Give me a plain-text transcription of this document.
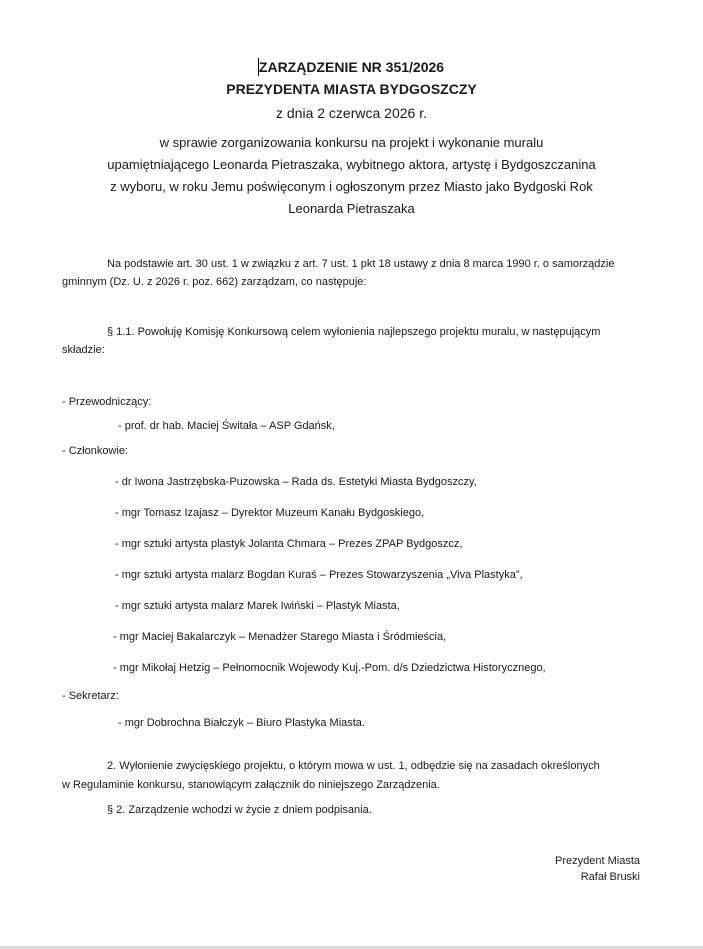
ZARZĄDZENIE NR 351/2026
PREZYDENTA MIASTA BYDGOSZCZY
z dnia 2 czerwca 2026 r.
w sprawie zorganizowania konkursu na projekt i wykonanie muralu
upamiętniającego Leonarda Pietraszaka, wybitnego aktora, artystę i Bydgoszczanina
z wyboru, w roku Jemu poświęconym i ogłoszonym przez Miasto jako Bydgoski Rok
Leonarda Pietraszaka
Na podstawie art. 30 ust. 1 w związku z art. 7 ust. 1 pkt 18 ustawy z dnia 8 marca 1990 r. o samorządzie
gminnym (Dz. U. z 2026 r. poz. 662) zarządzam, co następuje:
§ 1.1. Powołuję Komisję Konkursową celem wyłonienia najlepszego projektu muralu, w następującym
składzie:
- Przewodniczący:
- prof. dr hab. Maciej Świtała – ASP Gdańsk,
- Członkowie:
- dr Iwona Jastrzębska-Puzowska – Rada ds. Estetyki Miasta Bydgoszczy,
- mgr Tomasz Izajasz – Dyrektor Muzeum Kanału Bydgoskiego,
- mgr sztuki artysta plastyk Jolanta Chmara – Prezes ZPAP Bydgoszcz,
- mgr sztuki artysta malarz Bogdan Kuraś – Prezes Stowarzyszenia „Viva Plastyka”,
- mgr sztuki artysta malarz Marek Iwiński – Plastyk Miasta,
- mgr Maciej Bakalarczyk – Menadżer Starego Miasta i Śródmieścia,
- mgr Mikołaj Hetzig – Pełnomocnik Wojewody Kuj.-Pom. d/s Dziedzictwa Historycznego,
- Sekretarz:
- mgr Dobrochna Białczyk – Biuro Plastyka Miasta.
2. Wyłonienie zwycięskiego projektu, o którym mowa w ust. 1, odbędzie się na zasadach określonych
w Regulaminie konkursu, stanowiącym załącznik do niniejszego Zarządzenia.
§ 2. Zarządzenie wchodzi w życie z dniem podpisania.
Prezydent Miasta
Rafał Bruski
